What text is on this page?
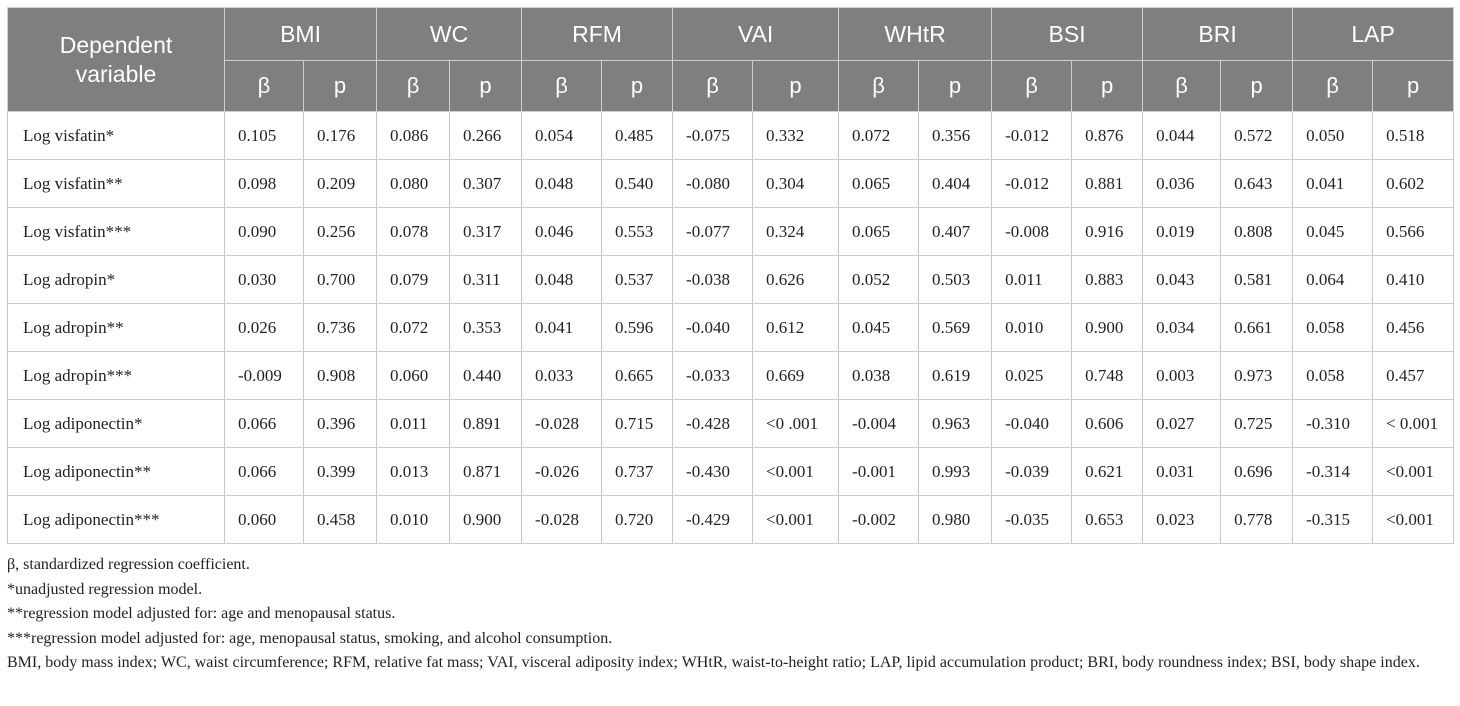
Dependent
variable	BMI		WC		RFM		VAI		WHtR		BSI		BRI		LAP	
	β	p	β	p	β	p	β	p	β	p	β	p	β	p	β	p
Log visfatin*	0.105	0.176	0.086	0.266	0.054	0.485	-0.075	0.332	0.072	0.356	-0.012	0.876	0.044	0.572	0.050	0.518
Log visfatin**	0.098	0.209	0.080	0.307	0.048	0.540	-0.080	0.304	0.065	0.404	-0.012	0.881	0.036	0.643	0.041	0.602
Log visfatin***	0.090	0.256	0.078	0.317	0.046	0.553	-0.077	0.324	0.065	0.407	-0.008	0.916	0.019	0.808	0.045	0.566
Log adropin*	0.030	0.700	0.079	0.311	0.048	0.537	-0.038	0.626	0.052	0.503	0.011	0.883	0.043	0.581	0.064	0.410
Log adropin**	0.026	0.736	0.072	0.353	0.041	0.596	-0.040	0.612	0.045	0.569	0.010	0.900	0.034	0.661	0.058	0.456
Log adropin***	-0.009	0.908	0.060	0.440	0.033	0.665	-0.033	0.669	0.038	0.619	0.025	0.748	0.003	0.973	0.058	0.457
Log adiponectin*	0.066	0.396	0.011	0.891	-0.028	0.715	-0.428	<0 .001	-0.004	0.963	-0.040	0.606	0.027	0.725	-0.310	< 0.001
Log adiponectin**	0.066	0.399	0.013	0.871	-0.026	0.737	-0.430	<0.001	-0.001	0.993	-0.039	0.621	0.031	0.696	-0.314	<0.001
Log adiponectin***	0.060	0.458	0.010	0.900	-0.028	0.720	-0.429	<0.001	-0.002	0.980	-0.035	0.653	0.023	0.778	-0.315	<0.001

β, standardized regression coefficient.

*unadjusted regression model.

**regression model adjusted for: age and menopausal status.

***regression model adjusted for: age, menopausal status, smoking, and alcohol consumption.

BMI, body mass index; WC, waist circumference; RFM, relative fat mass; VAI, visceral adiposity index; WHtR, waist-to-height ratio; LAP, lipid accumulation product; BRI, body roundness index; BSI, body shape index.
